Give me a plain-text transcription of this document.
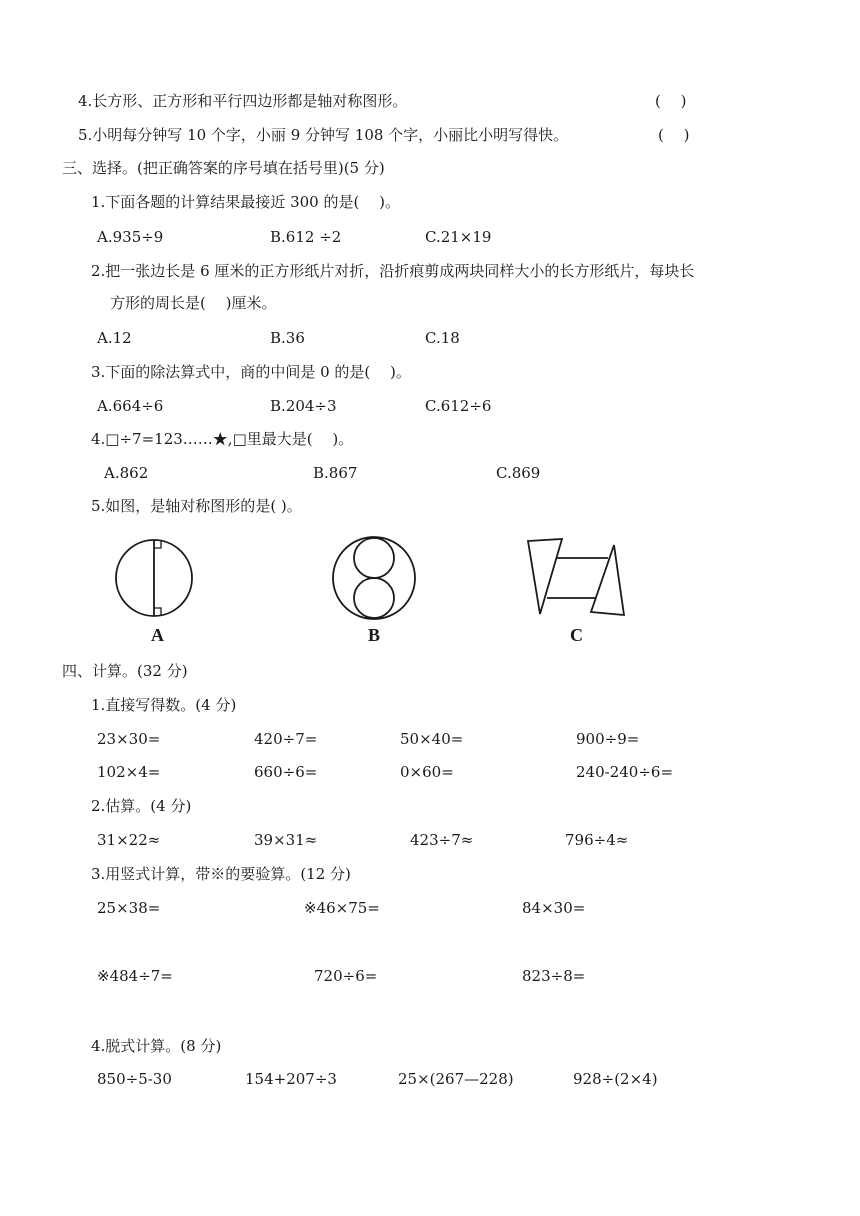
4.长方形、正方形和平行四边形都是轴对称图形。	(　 )
5.小明每分钟写 10 个字，小丽 9 分钟写 108 个字，小丽比小明写得快。	(　 )
三、选择。(把正确答案的序号填在括号里)(5 分)
1.下面各题的计算结果最接近 300 的是(　 )。
A.935÷9	B.612 ÷2	C.21×19
2.把一张边长是 6 厘米的正方形纸片对折，沿折痕剪成两块同样大小的长方形纸片，每块长
方形的周长是(　 )厘米。
A.12	B.36	C.18
3.下面的除法算式中，商的中间是 0 的是(　 )。
A.664÷6	B.204÷3	C.612÷6
4.□÷7=123……★,□里最大是(　 )。
A.862	B.867	C.869
5.如图，是轴对称图形的是( )。
A	B	C
四、计算。(32 分)
1.直接写得数。(4 分)
23×30=	420÷7=	50×40=	900÷9=
102×4=	660÷6=	0×60=	240-240÷6=
2.估算。(4 分)
31×22≈	39×31≈	423÷7≈	796÷4≈
3.用竖式计算，带※的要验算。(12 分)
25×38=	※46×75=	84×30=
※484÷7=	720÷6=	823÷8=
4.脱式计算。(8 分)
850÷5-30	154+207÷3	25×(267—228)	928÷(2×4)
